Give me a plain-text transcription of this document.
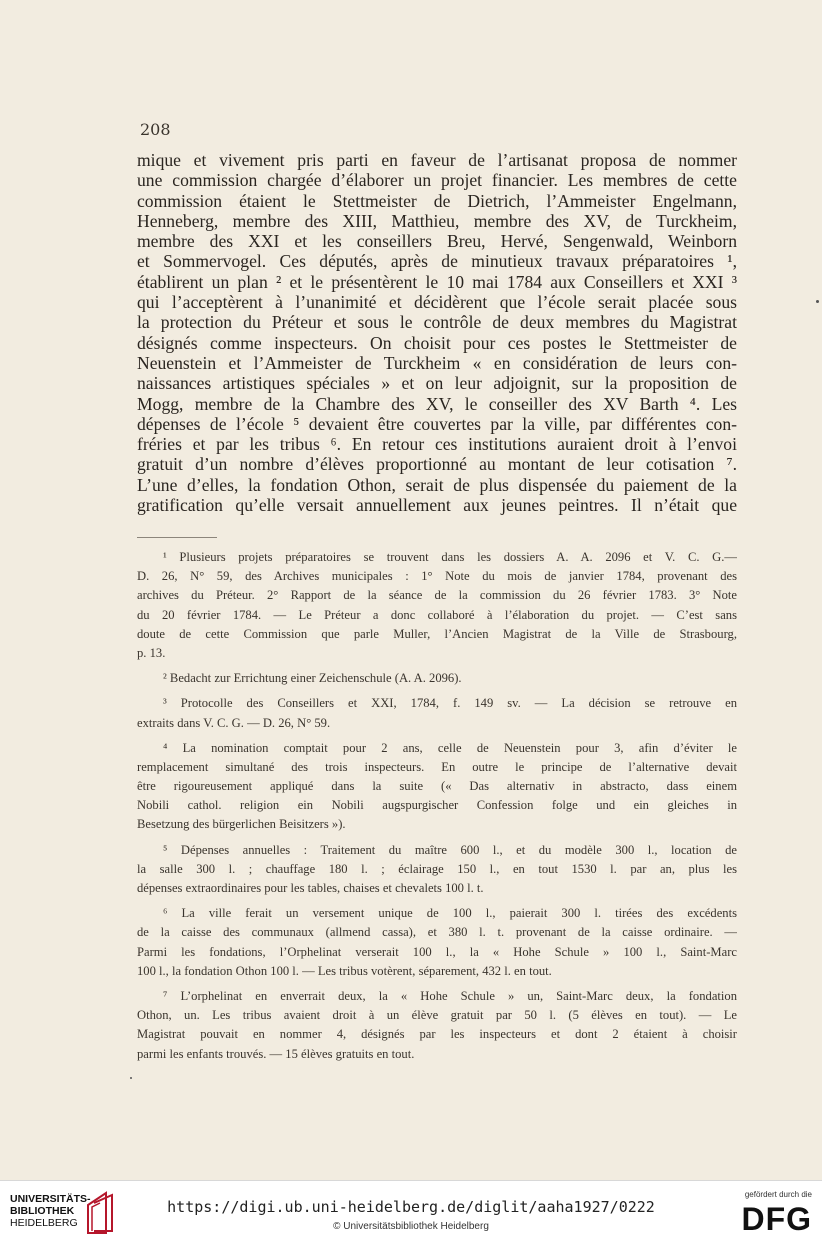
208
mique et vivement pris parti en faveur de l’artisanat proposa de nommer
une commission chargée d’élaborer un projet financier. Les membres de cette
commission étaient le Stettmeister de Dietrich, l’Ammeister Engelmann,
Henneberg, membre des XIII, Matthieu, membre des XV, de Turckheim,
membre des XXI et les conseillers Breu, Hervé, Sengenwald, Weinborn
et Sommervogel. Ces députés, après de minutieux travaux préparatoires ¹,
établirent un plan ² et le présentèrent le 10 mai 1784 aux Conseillers et XXI ³
qui l’acceptèrent à l’unanimité et décidèrent que l’école serait placée sous
la protection du Préteur et sous le contrôle de deux membres du Magistrat
désignés comme inspecteurs. On choisit pour ces postes le Stettmeister de
Neuenstein et l’Ammeister de Turckheim « en considération de leurs con-
naissances artistiques spéciales » et on leur adjoignit, sur la proposition de
Mogg, membre de la Chambre des XV, le conseiller des XV Barth ⁴. Les
dépenses de l’école ⁵ devaient être couvertes par la ville, par différentes con-
fréries et par les tribus ⁶. En retour ces institutions auraient droit à l’envoi
gratuit d’un nombre d’élèves proportionné au montant de leur cotisation ⁷.
L’une d’elles, la fondation Othon, serait de plus dispensée du paiement de la
gratification qu’elle versait annuellement aux jeunes peintres. Il n’était que
¹ Plusieurs projets préparatoires se trouvent dans les dossiers A. A. 2096 et V. C. G.—
D. 26, N° 59, des Archives municipales : 1° Note du mois de janvier 1784, provenant des
archives du Préteur. 2° Rapport de la séance de la commission du 26 février 1783. 3° Note
du 20 février 1784. — Le Préteur a donc collaboré à l’élaboration du projet. — C’est sans
doute de cette Commission que parle Muller, l’Ancien Magistrat de la Ville de Strasbourg,
p. 13.
² Bedacht zur Errichtung einer Zeichenschule (A. A. 2096).
³ Protocolle des Conseillers et XXI, 1784, f. 149 sv. — La décision se retrouve en
extraits dans V. C. G. — D. 26, N° 59.
⁴ La nomination comptait pour 2 ans, celle de Neuenstein pour 3, afin d’éviter le
remplacement simultané des trois inspecteurs. En outre le principe de l’alternative devait
être rigoureusement appliqué dans la suite (« Das alternativ in abstracto, dass einem
Nobili cathol. religion ein Nobili augspurgischer Confession folge und ein gleiches in
Besetzung des bürgerlichen Beisitzers »).
⁵ Dépenses annuelles : Traitement du maître 600 l., et du modèle 300 l., location de
la salle 300 l. ; chauffage 180 l. ; éclairage 150 l., en tout 1530 l. par an, plus les
dépenses extraordinaires pour les tables, chaises et chevalets 100 l. t.
⁶ La ville ferait un versement unique de 100 l., paierait 300 l. tirées des excédents
de la caisse des communaux (allmend cassa), et 380 l. t. provenant de la caisse ordinaire. —
Parmi les fondations, l’Orphelinat verserait 100 l., la « Hohe Schule » 100 l., Saint-Marc
100 l., la fondation Othon 100 l. — Les tribus votèrent, séparement, 432 l. en tout.
⁷ L’orphelinat en enverrait deux, la « Hohe Schule » un, Saint-Marc deux, la fondation
Othon, un. Les tribus avaient droit à un élève gratuit par 50 l. (5 élèves en tout). — Le
Magistrat pouvait en nommer 4, désignés par les inspecteurs et dont 2 étaient à choisir
parmi les enfants trouvés. — 15 élèves gratuits en tout.
UNIVERSITÄTS-
BIBLIOTHEK
HEIDELBERG
https://digi.ub.uni-heidelberg.de/diglit/aaha1927/0222
© Universitätsbibliothek Heidelberg
gefördert durch die
DFG
